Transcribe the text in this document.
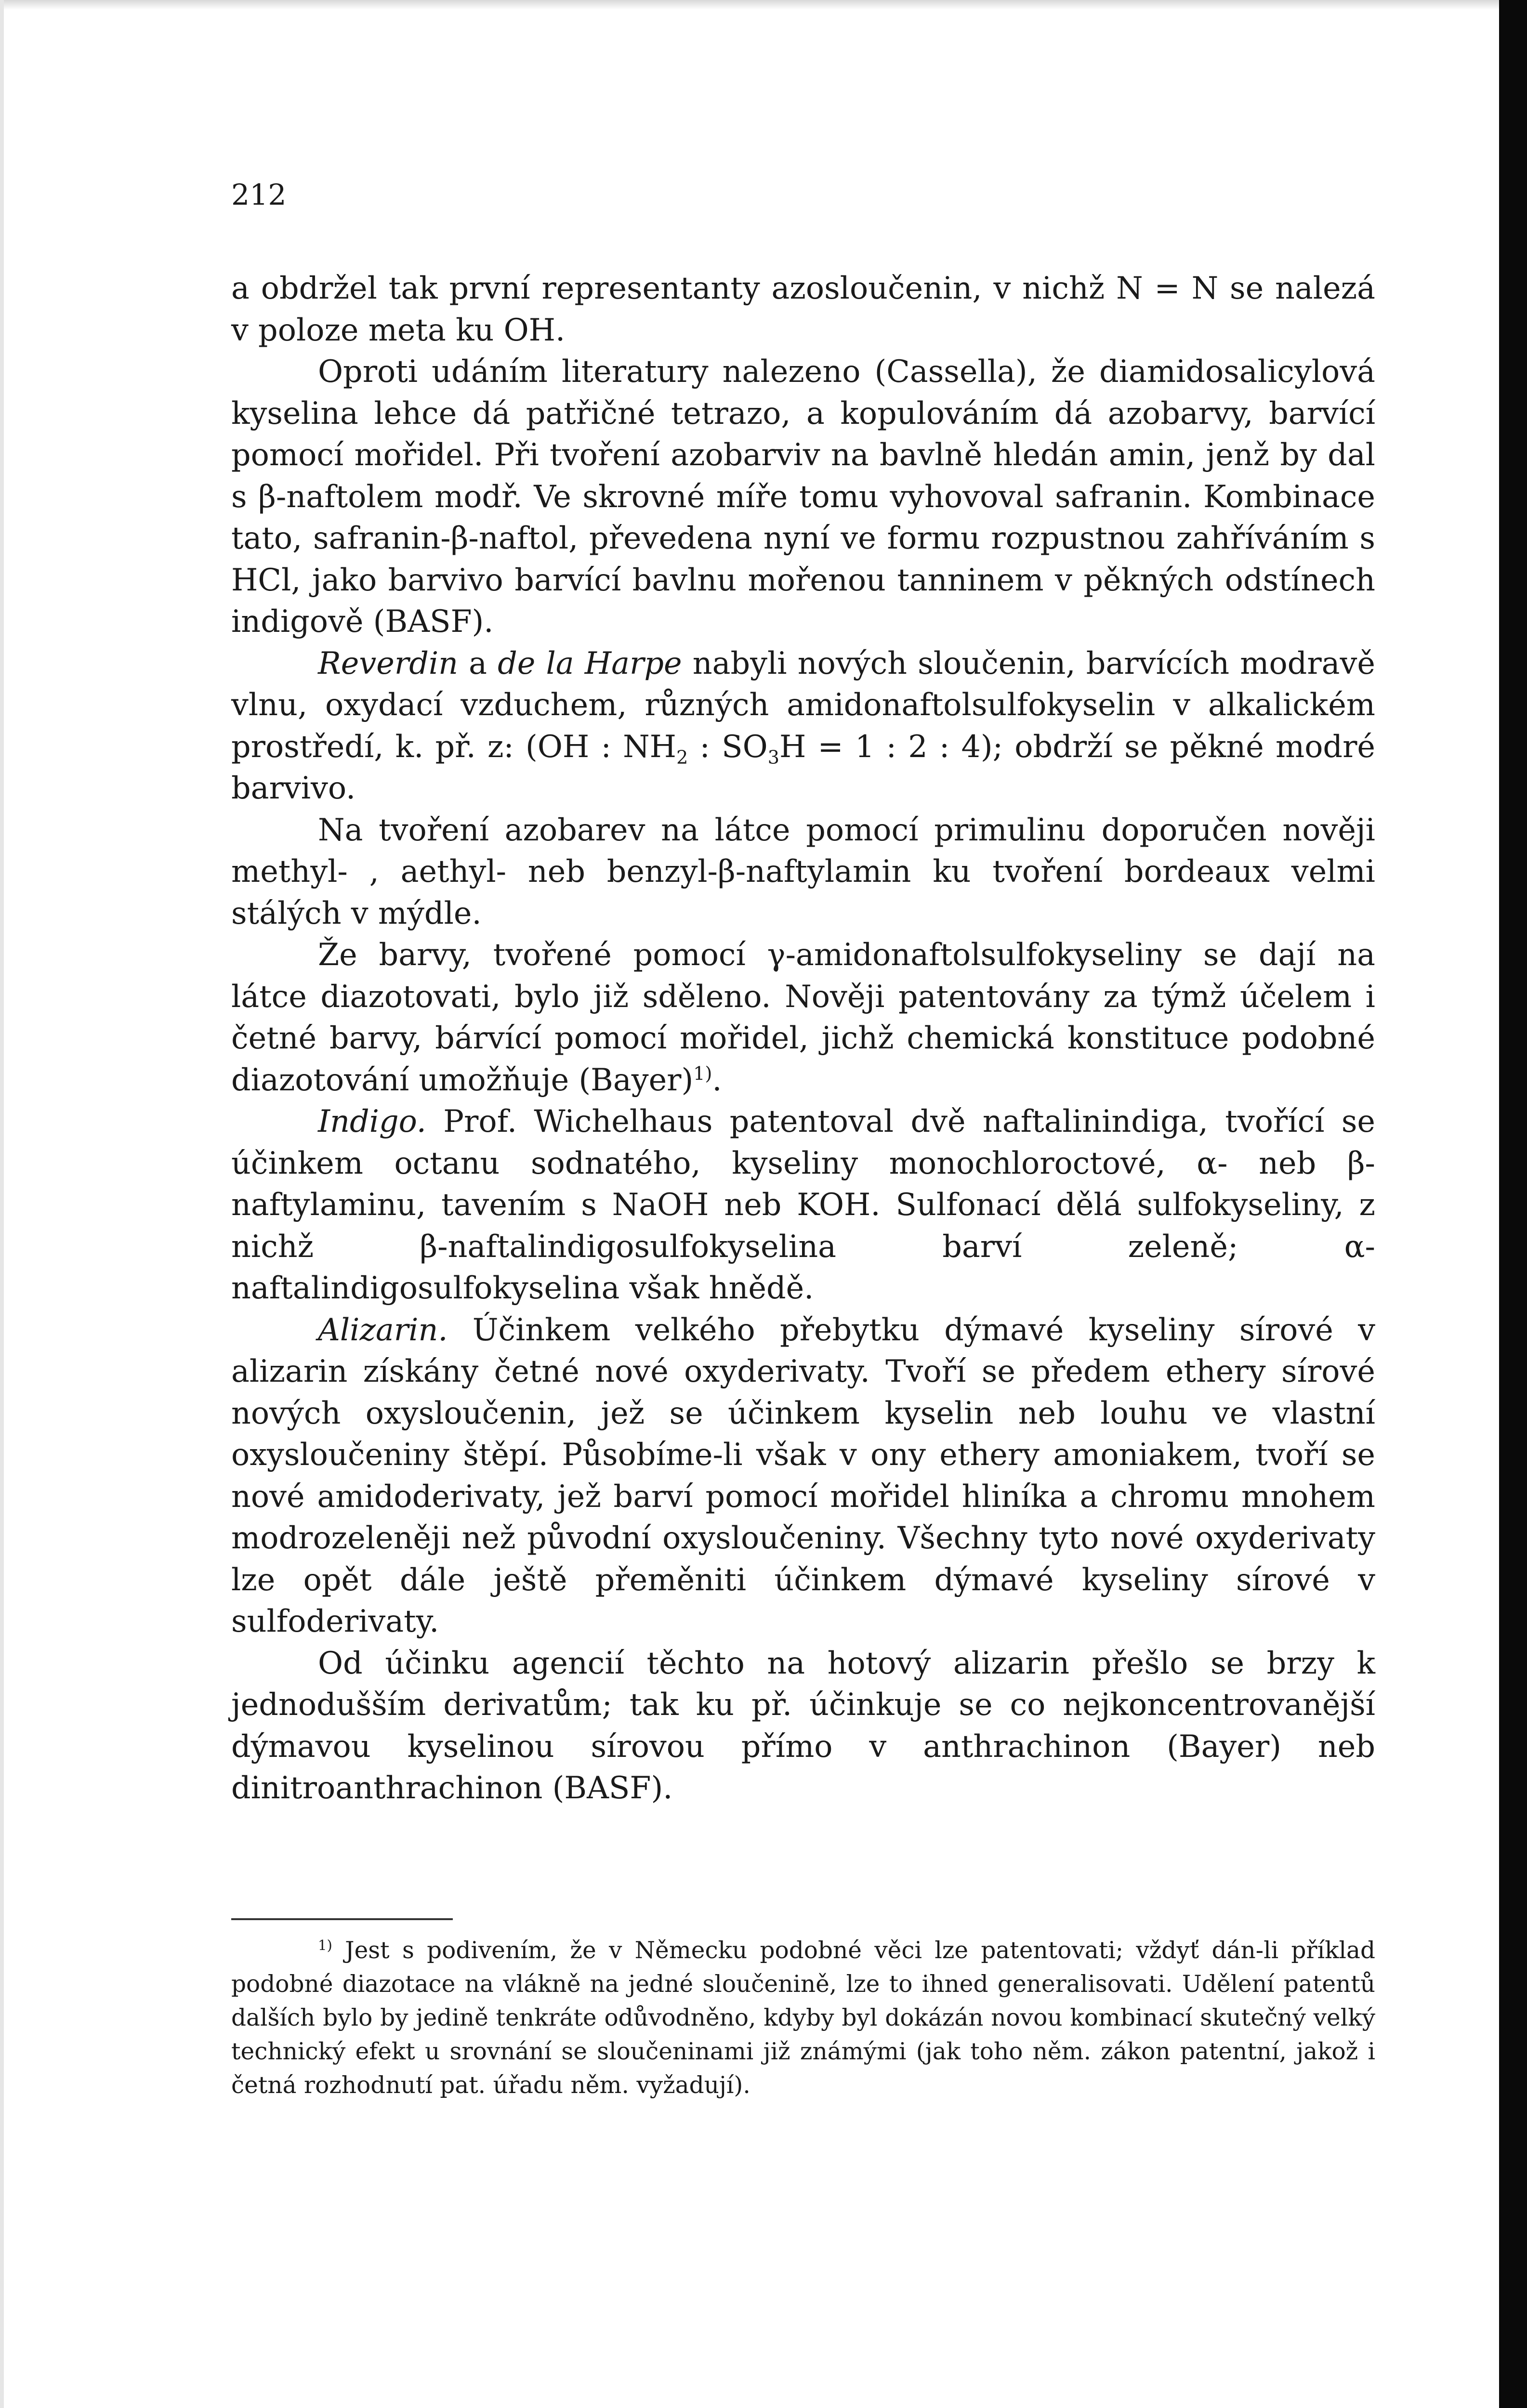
212

a obdržel tak první representanty azosloučenin, v nichž N = N se nalezá v poloze meta ku OH.

Oproti udáním literatury nalezeno (Cassella), že diamidosalicylová kyselina lehce dá patřičné tetrazo, a kopulováním dá azobarvy, barvící pomocí mořidel. Při tvoření azobarviv na bavlně hledán amin, jenž by dal s β-naftolem modř. Ve skrovné míře tomu vyhovoval safranin. Kombinace tato, safranin-β-naftol, převedena nyní ve formu rozpustnou zahříváním s HCl, jako barvivo barvící bavlnu mořenou tanninem v pěkných odstínech indigově (BASF).

Reverdin a de la Harpe nabyli nových sloučenin, barvících modravě vlnu, oxydací vzduchem, různých amidonaftolsulfokyselin v alkalickém prostředí, k. př. z: (OH : $NH_2$ : $SO_3H = 1$ : 2 : 4); obdrží se pěkné modré barvivo.

Na tvoření azobarev na látce pomocí primulinu doporučen nověji methyl- , aethyl- neb benzyl-β-naftylamin ku tvoření bordeaux velmi stálých v mýdle.

Že barvy, tvořené pomocí γ-amidonaftolsulfokyseliny se dají na látce diazotovati, bylo již sděleno. Nověji patentovány za týmž účelem i četné barvy, bárvící pomocí mořidel, jichž chemická konstituce podobné diazotování umožňuje (Bayer)$^{1)}$.

Indigo. Prof. Wichelhaus patentoval dvě naftalinindiga, tvořící se účinkem octanu sodnatého, kyseliny monochloroctové, α- neb β-naftylaminu, tavením s NaOH neb KOH. Sulfonací dělá sulfokyseliny, z nichž β-naftalindigosulfokyselina barví zeleně; α-naftalindigosulfokyselina však hnědě.

Alizarin. Účinkem velkého přebytku dýmavé kyseliny sírové v alizarin získány četné nové oxyderivaty. Tvoří se předem ethery sírové nových oxysloučenin, jež se účinkem kyselin neb louhu ve vlastní oxysloučeniny štěpí. Působíme-li však v ony ethery amoniakem, tvoří se nové amidoderivaty, jež barví pomocí mořidel hliníka a chromu mnohem modrozeleněji než původní oxysloučeniny. Všechny tyto nové oxyderivaty lze opět dále ještě přeměniti účinkem dýmavé kyseliny sírové v sulfoderivaty.

Od účinku agencií těchto na hotový alizarin přešlo se brzy k jednodušším derivatům; tak ku př. účinkuje se co nejkoncentrovanější dýmavou kyselinou sírovou přímo v anthrachinon (Bayer) neb dinitroanthrachinon (BASF).

$^{1)}$ Jest s podivením, že v Německu podobné věci lze patentovati; vždyť dán-li příklad podobné diazotace na vlákně na jedné sloučenině, lze to ihned generalisovati. Udělení patentů dalších bylo by jedině tenkráte odůvodněno, kdyby byl dokázán novou kombinací skutečný velký technický efekt u srovnání se sloučeninami již známými (jak toho něm. zákon patentní, jakož i četná rozhodnutí pat. úřadu něm. vyžadují).
